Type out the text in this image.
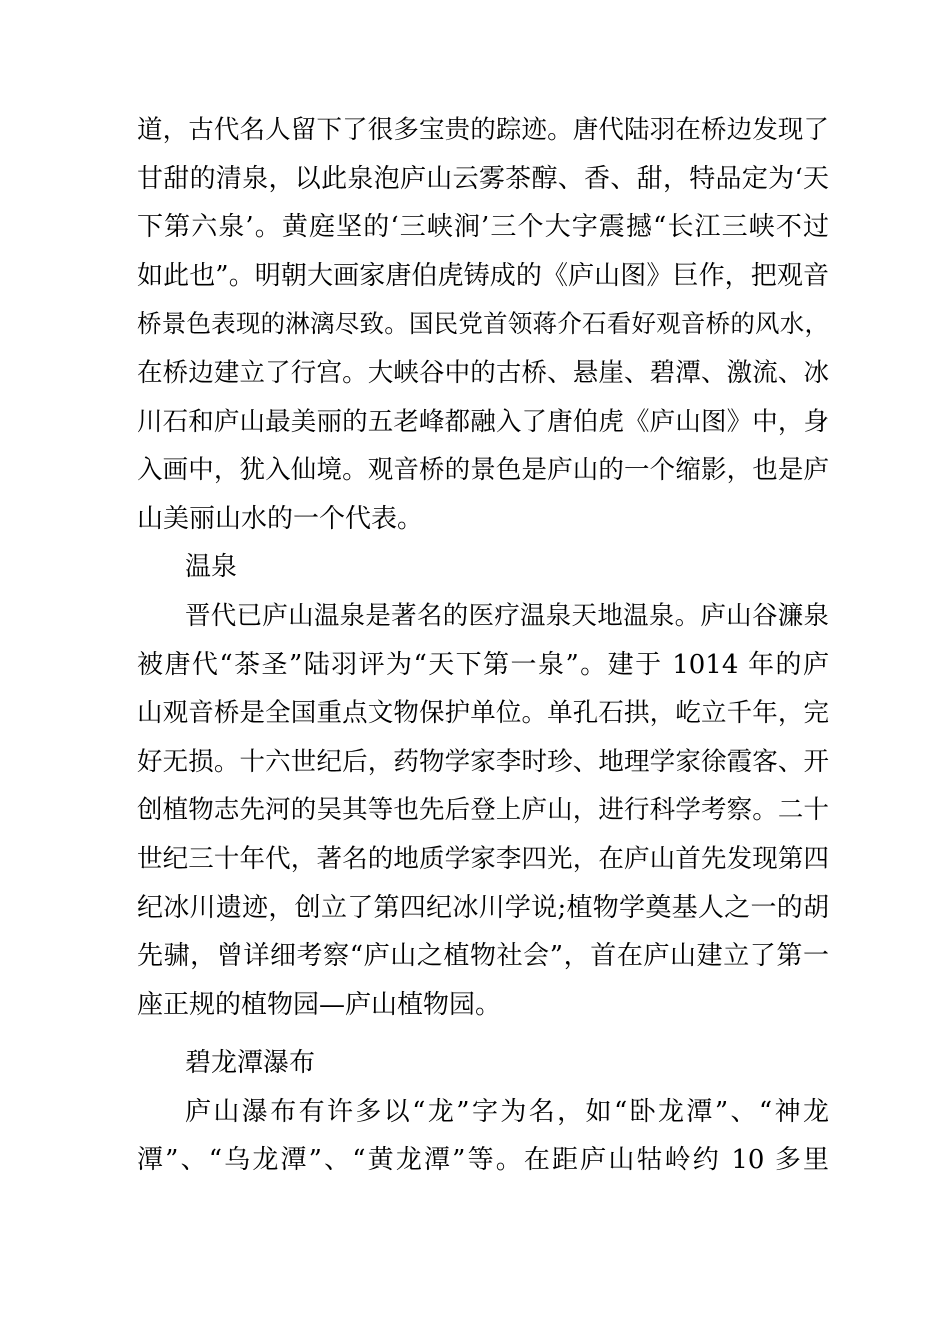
道，古代名人留下了很多宝贵的踪迹。唐代陆羽在桥边发现了
甘甜的清泉，以此泉泡庐山云雾茶醇、香、甜，特品定为‘天
下第六泉’。黄庭坚的‘三峡涧’三个大字震撼“长江三峡不过
如此也”。明朝大画家唐伯虎铸成的《庐山图》巨作，把观音
桥景色表现的淋漓尽致。国民党首领蒋介石看好观音桥的风水，
在桥边建立了行宫。大峡谷中的古桥、悬崖、碧潭、激流、冰
川石和庐山最美丽的五老峰都融入了唐伯虎《庐山图》中，身
入画中，犹入仙境。观音桥的景色是庐山的一个缩影，也是庐
山美丽山水的一个代表。
温泉
晋代已庐山温泉是著名的医疗温泉天地温泉。庐山谷濂泉
被唐代“茶圣”陆羽评为“天下第一泉”。建于 1014 年的庐
山观音桥是全国重点文物保护单位。单孔石拱，屹立千年，完
好无损。十六世纪后，药物学家李时珍、地理学家徐霞客、开
创植物志先河的吴其等也先后登上庐山，进行科学考察。二十
世纪三十年代，著名的地质学家李四光，在庐山首先发现第四
纪冰川遗迹，创立了第四纪冰川学说;植物学奠基人之一的胡
先骕，曾详细考察“庐山之植物社会”，首在庐山建立了第一
座正规的植物园—庐山植物园。
碧龙潭瀑布
庐山瀑布有许多以“龙”字为名，如“卧龙潭”、“神龙
潭”、“乌龙潭”、“黄龙潭”等。在距庐山牯岭约 10 多里
